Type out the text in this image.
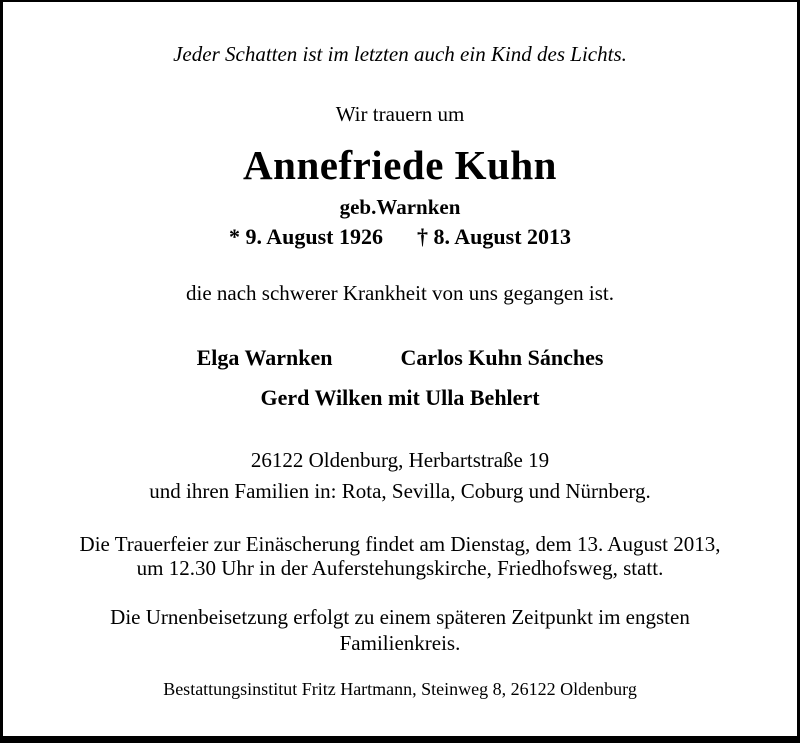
Jeder Schatten ist im letzten auch ein Kind des Lichts.
Wir trauern um
Annefriede Kuhn
geb.Warnken
* 9. August 1926 † 8. August 2013
die nach schwerer Krankheit von uns gegangen ist.
Elga Warnken	Carlos Kuhn Sánches
Gerd Wilken mit Ulla Behlert
26122 Oldenburg, Herbartstraße 19
und ihren Familien in: Rota, Sevilla, Coburg und Nürnberg.
Die Trauerfeier zur Einäscherung findet am Dienstag, dem 13. August 2013,
um 12.30 Uhr in der Auferstehungskirche, Friedhofsweg, statt.
Die Urnenbeisetzung erfolgt zu einem späteren Zeitpunkt im engsten
Familienkreis.
Bestattungsinstitut Fritz Hartmann, Steinweg 8, 26122 Oldenburg
